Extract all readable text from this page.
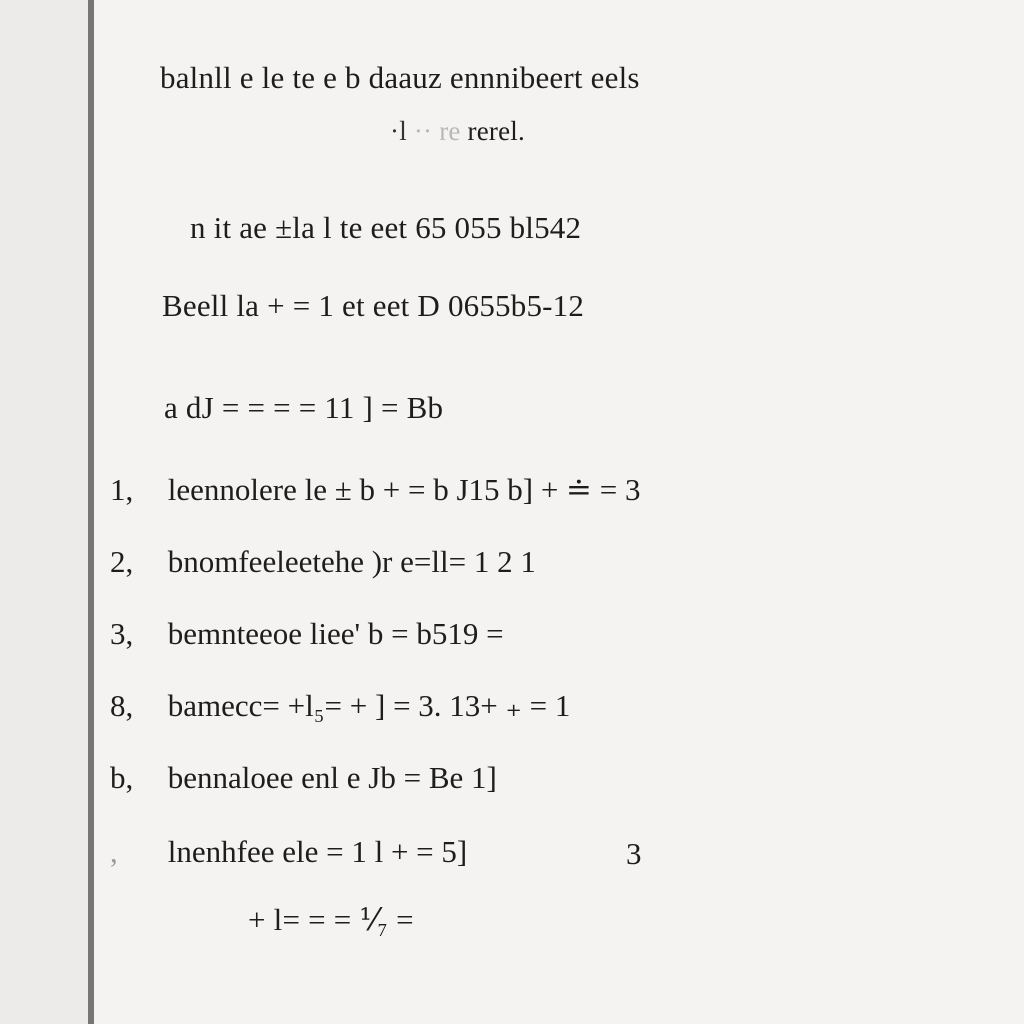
balnll e le te e b daauz ennnibeert eels
·l ·· re rerel.
n it ae ±la l te eet 65 055 bl542
Beell la + = 1 et eet D 0655b5-12
a dJ = = = = 11 ] = Bb
1, leennolere le ± b + = b J15 b] + ≐ = 3
2, bnomfeeleetehe )r e=ll= 1 2 1
3, bemnteeoe liee' b = b519 =
8, bamecc= +l₅= + ] = 3. 13+ ₊ = 1
b, bennaloee enl e Jb = Be 1]
, lnenhfee ele = 1 l + = 5]	3
+ l= = = ⅟₇ =
